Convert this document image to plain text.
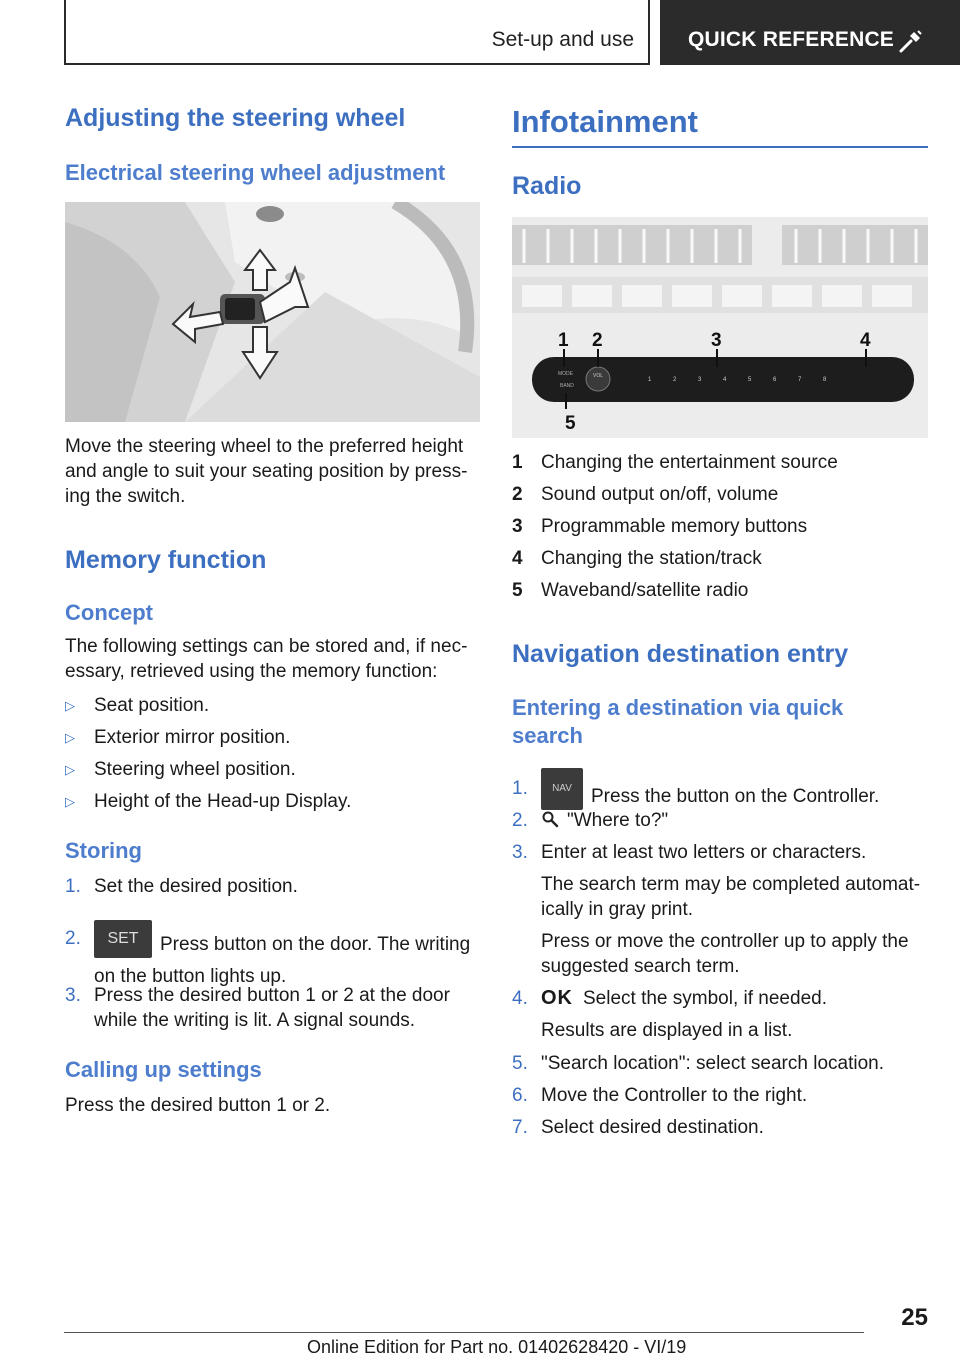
Set-up and use	QUICK REFERENCE
Adjusting the steering wheel
Electrical steering wheel adjustment

Move the steering wheel to the preferred height and angle to suit your seating position by pressing the switch.

Memory function
Concept

The following settings can be stored and, if necessary, retrieved using the memory function:

▷	Seat position.
▷	Exterior mirror position.
▷	Steering wheel position.
▷	Height of the Head-up Display.
Storing
1. Set the desired position.
2.	SET Press button on the door. The writing on the button lights up.
3. Press the desired button 1 or 2 at the door while the writing is lit. A signal sounds.
Calling up settings

Press the desired button 1 or 2.

Infotainment
Radio
MODE
BAND
VOL
1	2	3	4	5	6	7	8
1 2	3	4
5
1 Changing the entertainment source
2 Sound output on/off, volume
3 Programmable memory buttons
4 Changing the station/track
5 Waveband/satellite radio
Navigation destination entry
Entering a destination via quick search
1.	NAV Press the button on the Controller.
2.	"Where to?"
3. Enter at least two letters or characters.

The search term may be completed automatically in gray print.

Press or move the controller up to apply the suggested search term.

4. OK Select the symbol, if needed.

Results are displayed in a list.

5. "Search location": select search location.
6. Move the Controller to the right.
7. Select desired destination.
25
Online Edition for Part no. 01402628420 - VI/19
